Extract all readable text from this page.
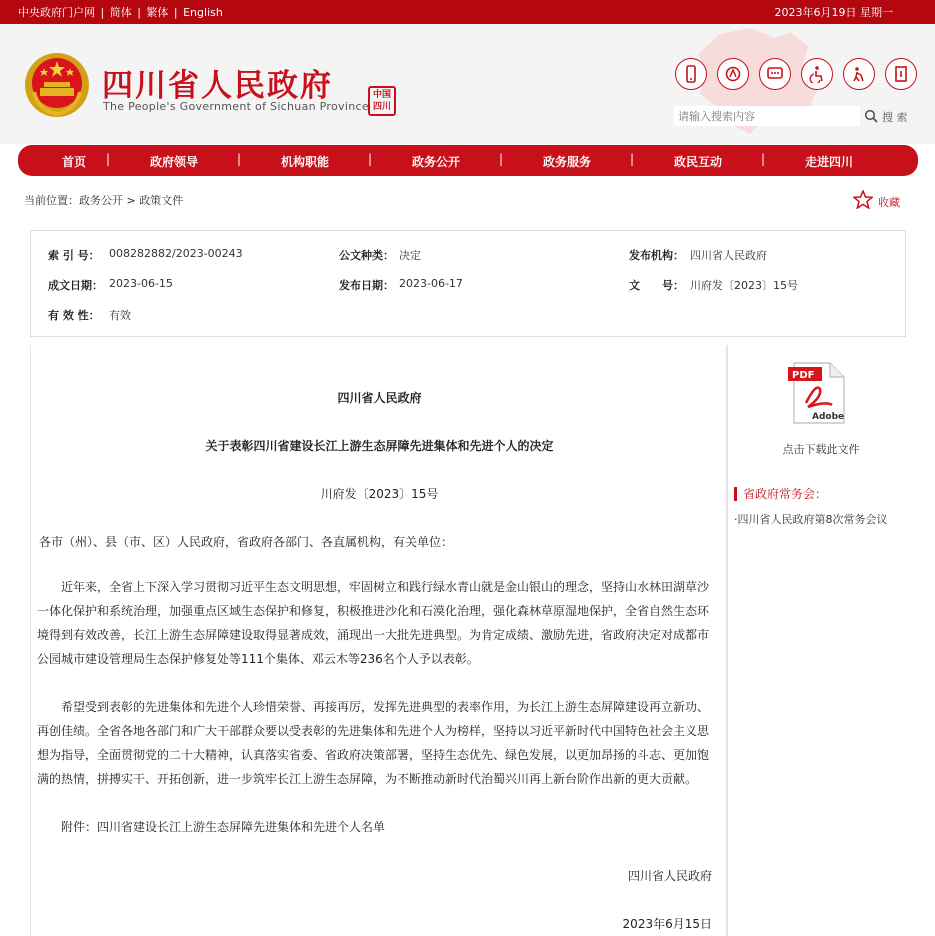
中央政府门户网 | 简体 | 繁体 | English	2023年6月19日 星期一
四川省人民政府
The People's Government of Sichuan Province
中国四川
请输入搜索内容
搜 索
首页	|	政府领导	|	机构职能	|	政务公开	|	政务服务	|	政民互动	|	走进四川
当前位置：政务公开 > 政策文件	收藏
索 引 号： 008282882/2023-00243	公文种类： 决定	发布机构： 四川省人民政府
成文日期： 2023-06-15	发布日期： 2023-06-17	文　　号： 川府发〔2023〕15号
有 效 性： 有效
四川省人民政府
关于表彰四川省建设长江上游生态屏障先进集体和先进个人的决定
川府发〔2023〕15号
各市（州）、县（市、区）人民政府，省政府各部门、各直属机构，有关单位：
近年来，全省上下深入学习贯彻习近平生态文明思想，牢固树立和践行绿水青山就是金山银山的理念，坚持山水林田湖草沙一体化保护和系统治理，加强重点区域生态保护和修复，积极推进沙化和石漠化治理，强化森林草原湿地保护，全省自然生态环境得到有效改善，长江上游生态屏障建设取得显著成效，涌现出一大批先进典型。为肯定成绩、激励先进，省政府决定对成都市公园城市建设管理局生态保护修复处等111个集体、邓云木等236名个人予以表彰。
希望受到表彰的先进集体和先进个人珍惜荣誉、再接再厉，发挥先进典型的表率作用，为长江上游生态屏障建设再立新功、再创佳绩。全省各地各部门和广大干部群众要以受表彰的先进集体和先进个人为榜样，坚持以习近平新时代中国特色社会主义思想为指导，全面贯彻党的二十大精神，认真落实省委、省政府决策部署，坚持生态优先、绿色发展，以更加昂扬的斗志、更加饱满的热情，拼搏实干、开拓创新，进一步筑牢长江上游生态屏障，为不断推动新时代治蜀兴川再上新台阶作出新的更大贡献。
附件：四川省建设长江上游生态屏障先进集体和先进个人名单
四川省人民政府
2023年6月15日
PDF
Adobe
点击下载此文件
省政府常务会：
·四川省人民政府第8次常务会议
